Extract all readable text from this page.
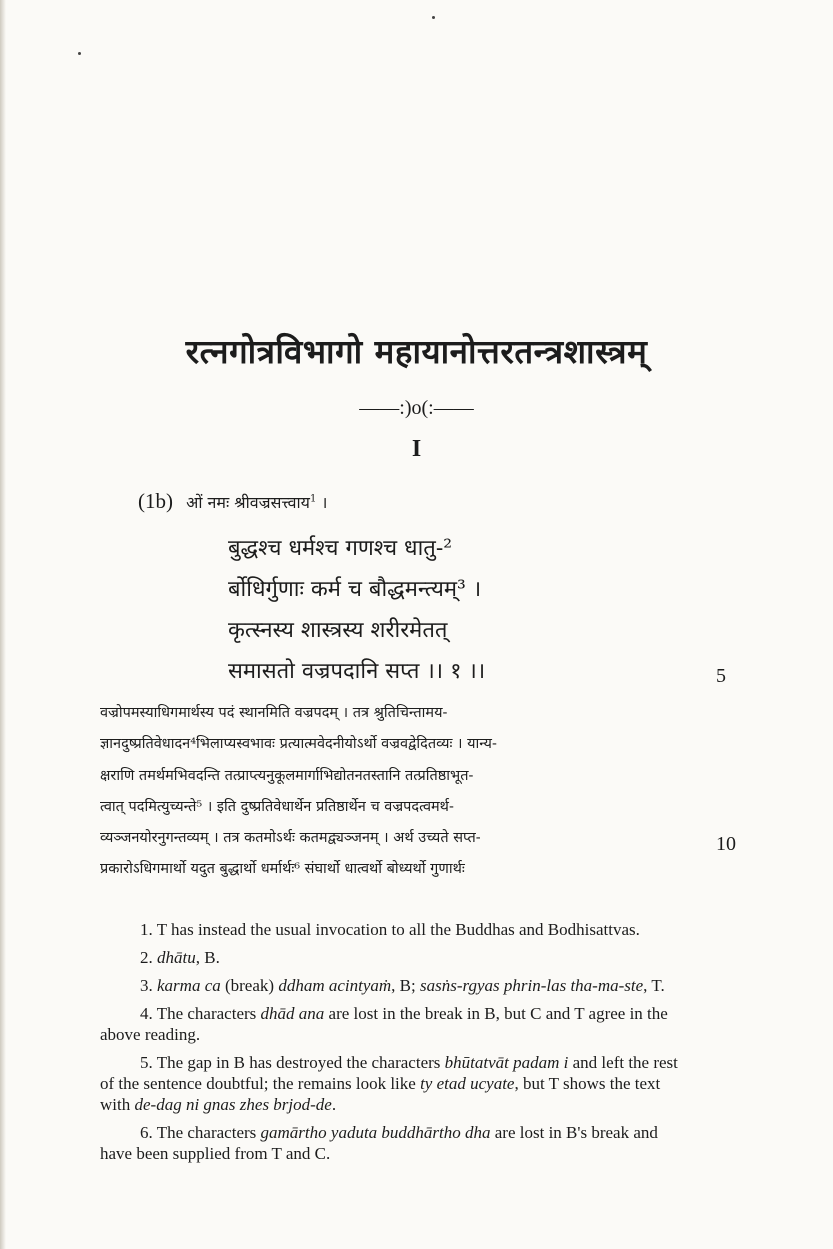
रत्नगोत्रविभागो महायानोत्तरतन्त्रशास्त्रम्
——:)o(:——
I
(1b) ओं नमः श्रीवज्रसत्त्वाय$^1$ ।
बुद्धश्च धर्मश्च गणश्च धातु-²
र्बोधिर्गुणाः कर्म च बौद्धमन्त्यम्³ ।
कृत्स्नस्य शास्त्रस्य शरीरमेतत्
समासतो वज्रपदानि सप्त ।। १ ।।	5
10
वज्रोपमस्याधिगमार्थस्य पदं स्थानमिति वज्रपदम् । तत्र श्रुतिचिन्तामय-
ज्ञानदुष्प्रतिवेधादन⁴भिलाप्यस्वभावः प्रत्यात्मवेदनीयोऽर्थो वज्रवद्वेदितव्यः । यान्य-
क्षराणि तमर्थमभिवदन्ति तत्प्राप्त्यनुकूलमार्गाभिद्योतनतस्तानि तत्प्रतिष्ठाभूत-
त्वात् पदमित्युच्यन्ते⁵ । इति दुष्प्रतिवेधार्थेन प्रतिष्ठार्थेन च वज्रपदत्वमर्थ-
व्यञ्जनयोरनुगन्तव्यम् । तत्र कतमोऽर्थः कतमद्व्यञ्जनम् । अर्थ उच्यते सप्त-
प्रकारोऽधिगमार्थो यदुत बुद्धार्थो धर्मार्थः⁶ संघार्थो धात्वर्थो बोध्यर्थो गुणार्थः
1. T has instead the usual invocation to all the Buddhas and Bodhisattvas.
2. dhātu, B.
3. karma ca (break) ddham acintyaṁ, B; sasṅs-rgyas phrin-las tha-ma-ste, T.
4. The characters dhād ana are lost in the break in B, but C and T agree in the above reading.
5. The gap in B has destroyed the characters bhūtatvāt padam i and left the rest of the sentence doubtful; the remains look like ty etad ucyate, but T shows the text with de-dag ni gnas zhes brjod-de.
6. The characters gamārtho yaduta buddhārtho dha are lost in B's break and have been supplied from T and C.
